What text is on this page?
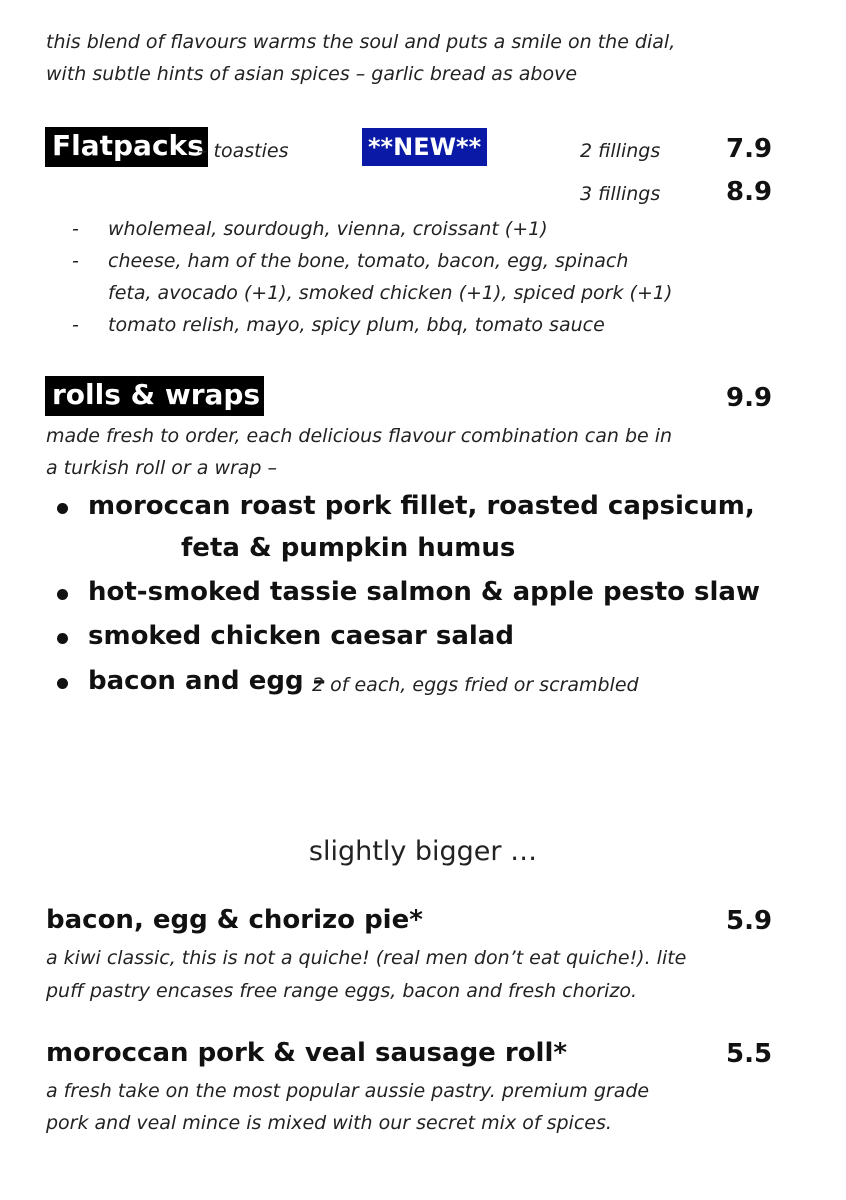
this blend of flavours warms the soul and puts a smile on the dial,
with subtle hints of asian spices – garlic bread as above
Flatpacks
– toasties	**NEW**	2 fillings	7.9
3 fillings	8.9
- wholemeal, sourdough, vienna, croissant (+1)
- cheese, ham of the bone, tomato, bacon, egg, spinach
feta, avocado (+1), smoked chicken (+1), spiced pork (+1)
- tomato relish, mayo, spicy plum, bbq, tomato sauce
rolls & wraps	9.9
made fresh to order, each delicious flavour combination can be in
a turkish roll or a wrap –
moroccan roast pork fillet, roasted capsicum,
feta & pumpkin humus
hot-smoked tassie salmon & apple pesto slaw
smoked chicken caesar salad
bacon and egg –
2 of each, eggs fried or scrambled
slightly bigger …
bacon, egg & chorizo pie*	5.9
a kiwi classic, this is not a quiche! (real men don’t eat quiche!). lite
puff pastry encases free range eggs, bacon and fresh chorizo.
moroccan pork & veal sausage roll*	5.5
a fresh take on the most popular aussie pastry. premium grade
pork and veal mince is mixed with our secret mix of spices.
